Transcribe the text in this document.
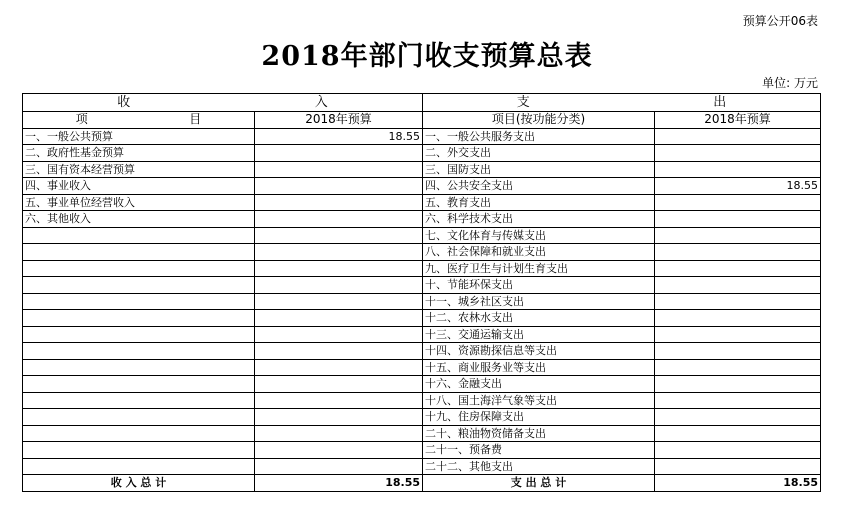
预算公开06表
2018年部门收支预算总表
单位: 万元
收 入		支 出	

项 目	2018年预算	项目(按功能分类)	2018年预算
一、一般公共预算	18.55	一、一般公共服务支出	
二、政府性基金预算		二、外交支出	
三、国有资本经营预算		三、国防支出	
四、事业收入		四、公共安全支出	18.55
五、事业单位经营收入		五、教育支出	
六、其他收入		六、科学技术支出	
		七、文化体育与传媒支出	
		八、社会保障和就业支出	
		九、医疗卫生与计划生育支出	
		十、节能环保支出	
		十一、城乡社区支出	
		十二、农林水支出	
		十三、交通运输支出	
		十四、资源勘探信息等支出	
		十五、商业服务业等支出	
		十六、金融支出	
		十八、国土海洋气象等支出	
		十九、住房保障支出	
		二十、粮油物资储备支出	
		二十一、预备费	
		二十二、其他支出	
收 入 总 计	18.55	支 出 总 计	18.55
